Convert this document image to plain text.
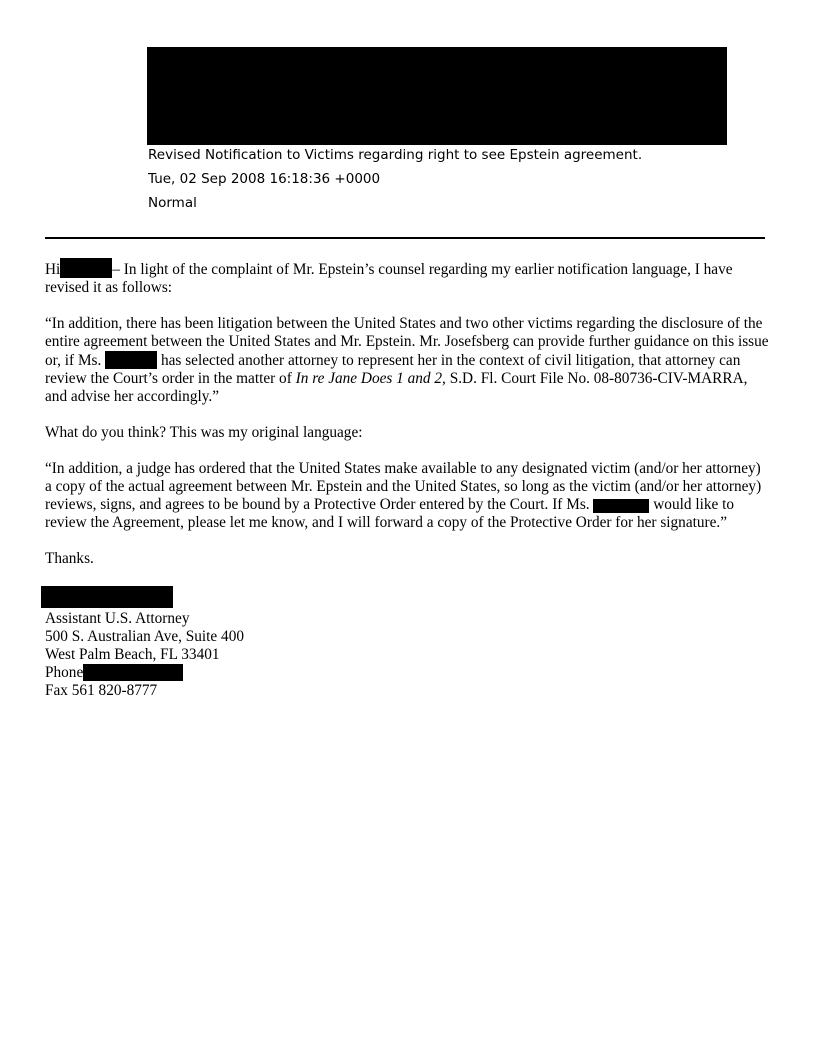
Revised Notification to Victims regarding right to see Epstein agreement.
Tue, 02 Sep 2008 16:18:36 +0000
Normal

Hi	– In light of the complaint of Mr. Epstein’s counsel regarding my earlier notification language, I have revised it as follows:

“In addition, there has been litigation between the United States and two other victims regarding the disclosure of the entire agreement between the United States and Mr. Epstein. Mr. Josefsberg can provide further guidance on this issue or, if Ms.	has selected another attorney to represent her in the context of civil litigation, that attorney can review the Court’s order in the matter of In re Jane Does 1 and 2, S.D. Fl. Court File No. 08-80736-CIV-MARRA, and advise her accordingly.”

What do you think? This was my original language:

“In addition, a judge has ordered that the United States make available to any designated victim (and/or her attorney) a copy of the actual agreement between Mr. Epstein and the United States, so long as the victim (and/or her attorney) reviews, signs, and agrees to be bound by a Protective Order entered by the Court. If Ms.	would like to review the Agreement, please let me know, and I will forward a copy of the Protective Order for her signature.”

Thanks.

Assistant U.S. Attorney
500 S. Australian Ave, Suite 400
West Palm Beach, FL 33401
Phone
Fax 561 820-8777
